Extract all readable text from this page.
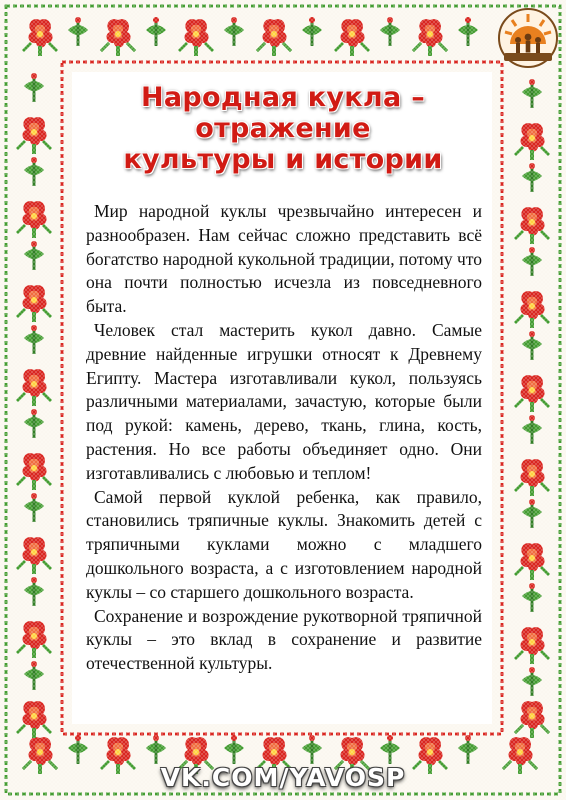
Народная кукла –
отражение
культуры и истории

Мир народной куклы чрезвычайно интересен и разнообразен. Нам сейчас сложно представить всё богатство народной кукольной традиции, потому что она почти полностью исчезла из повседневного быта.

Человек стал мастерить кукол давно. Самые древние найденные игрушки относят к Древнему Египту. Мастера изготавливали кукол, пользуясь различными материалами, зачастую, которые были под рукой: камень, дерево, ткань, глина, кость, растения. Но все работы объединяет одно. Они изготавливались с любовью и теплом!

Самой первой куклой ребенка, как правило, становились тряпичные куклы. Знакомить детей с тряпичными куклами можно с младшего дошкольного возраста, а с изготовлением народной куклы – со старшего дошкольного возраста.

Сохранение и возрождение рукотворной тряпичной куклы – это вклад в сохранение и развитие отечественной культуры.

VK.COM/YAVOSP
